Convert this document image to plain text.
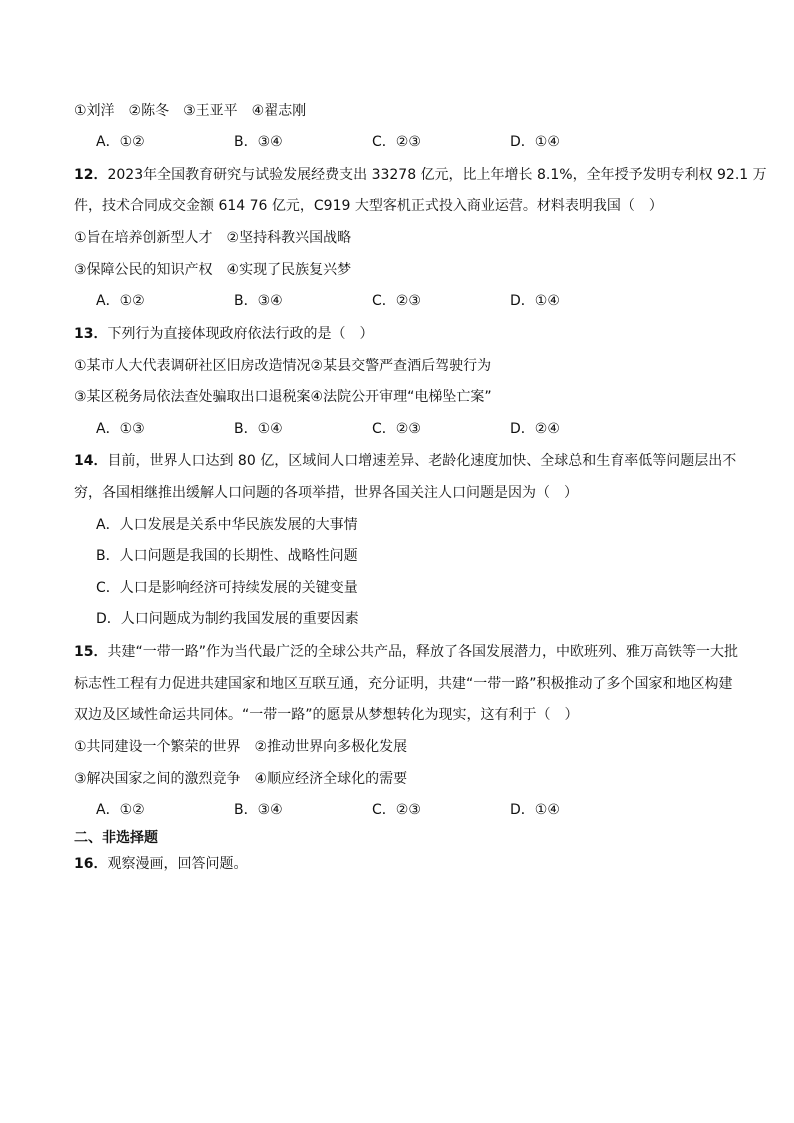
①刘洋　②陈冬　③王亚平　④翟志刚
A．①②	B．③④	C．②③	D．①④
12．2023年全国教育研究与试验发展经费支出 33278 亿元，比上年增长 8.1%，全年授予发明专利权 92.1 万
件，技术合同成交金额 614 76 亿元，C919 大型客机正式投入商业运营。材料表明我国（　）
①旨在培养创新型人才　②坚持科教兴国战略
③保障公民的知识产权　④实现了民族复兴梦
A．①②	B．③④	C．②③	D．①④
13．下列行为直接体现政府依法行政的是（　）
①某市人大代表调研社区旧房改造情况②某县交警严查酒后驾驶行为
③某区税务局依法查处骗取出口退税案④法院公开审理“电梯坠亡案”
A．①③	B．①④	C．②③	D．②④
14．目前，世界人口达到 80 亿，区域间人口增速差异、老龄化速度加快、全球总和生育率低等问题层出不
穷，各国相继推出缓解人口问题的各项举措，世界各国关注人口问题是因为（　）
A．人口发展是关系中华民族发展的大事情
B．人口问题是我国的长期性、战略性问题
C．人口是影响经济可持续发展的关键变量
D．人口问题成为制约我国发展的重要因素
15．共建“一带一路”作为当代最广泛的全球公共产品，释放了各国发展潜力，中欧班列、雅万高铁等一大批
标志性工程有力促进共建国家和地区互联互通，充分证明，共建“一带一路”积极推动了多个国家和地区构建
双边及区域性命运共同体。“一带一路”的愿景从梦想转化为现实，这有利于（　）
①共同建设一个繁荣的世界　②推动世界向多极化发展
③解决国家之间的激烈竞争　④顺应经济全球化的需要
A．①②	B．③④	C．②③	D．①④
二、非选择题
16．观察漫画，回答问题。
